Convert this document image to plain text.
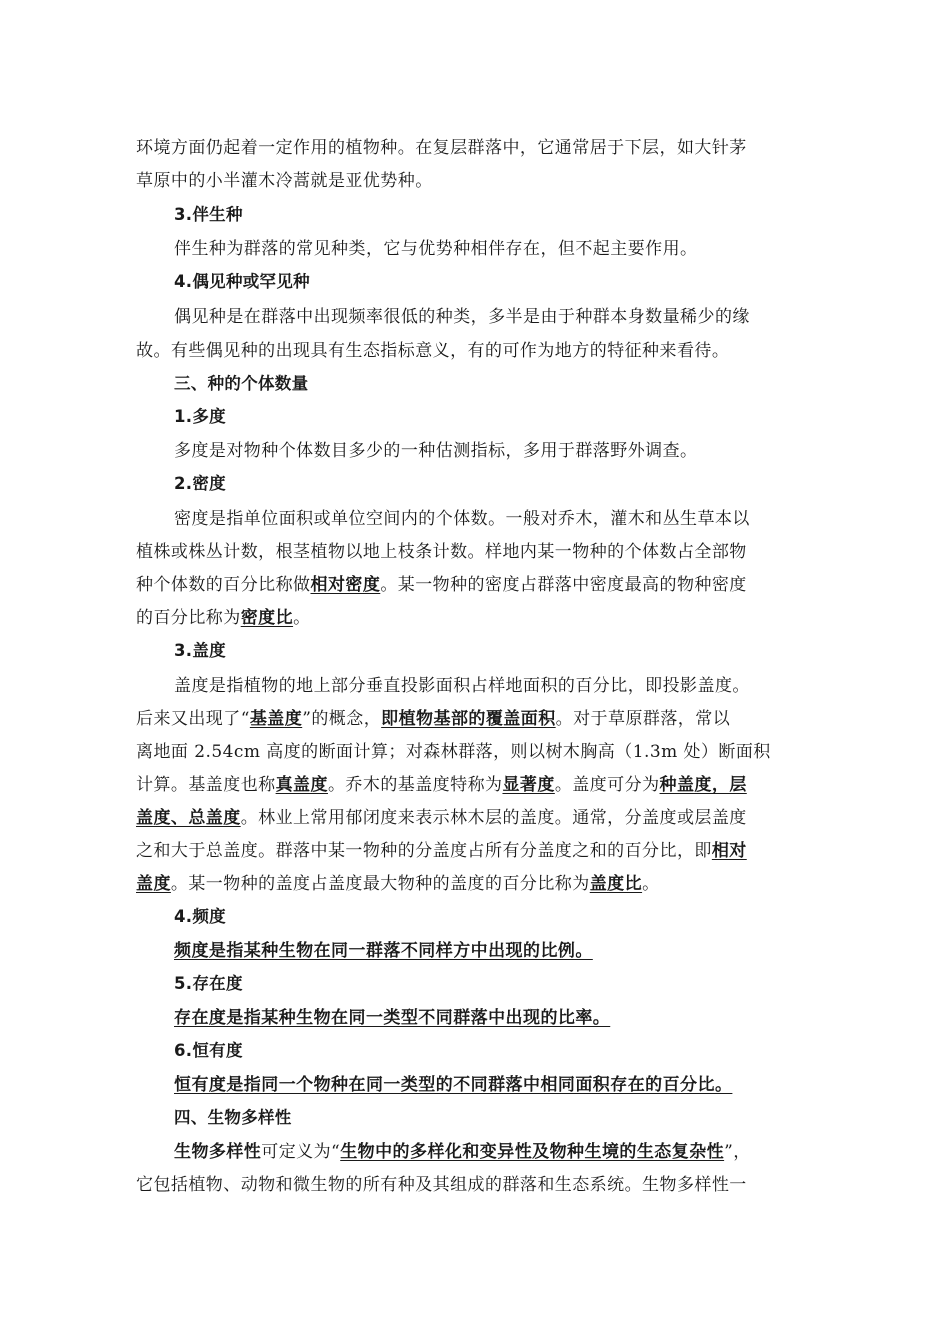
环境方面仍起着一定作用的植物种。在复层群落中，它通常居于下层，如大针茅
草原中的小半灌木冷蒿就是亚优势种。
3.伴生种
伴生种为群落的常见种类，它与优势种相伴存在，但不起主要作用。
4.偶见种或罕见种
偶见种是在群落中出现频率很低的种类，多半是由于种群本身数量稀少的缘
故。有些偶见种的出现具有生态指标意义，有的可作为地方的特征种来看待。
三、种的个体数量
1.多度
多度是对物种个体数目多少的一种估测指标，多用于群落野外调查。
2.密度
密度是指单位面积或单位空间内的个体数。一般对乔木，灌木和丛生草本以
植株或株丛计数，根茎植物以地上枝条计数。样地内某一物种的个体数占全部物
种个体数的百分比称做相对密度。某一物种的密度占群落中密度最高的物种密度
的百分比称为密度比。
3.盖度
盖度是指植物的地上部分垂直投影面积占样地面积的百分比，即投影盖度。
后来又出现了“基盖度”的概念，即植物基部的覆盖面积。对于草原群落，常以
离地面 2.54cm 高度的断面计算；对森林群落，则以树木胸高（1.3m 处）断面积
计算。基盖度也称真盖度。乔木的基盖度特称为显著度。盖度可分为种盖度，层
盖度、总盖度。林业上常用郁闭度来表示林木层的盖度。通常，分盖度或层盖度
之和大于总盖度。群落中某一物种的分盖度占所有分盖度之和的百分比，即相对
盖度。某一物种的盖度占盖度最大物种的盖度的百分比称为盖度比。
4.频度
频度是指某种生物在同一群落不同样方中出现的比例。
5.存在度
存在度是指某种生物在同一类型不同群落中出现的比率。
6.恒有度
恒有度是指同一个物种在同一类型的不同群落中相同面积存在的百分比。
四、生物多样性
生物多样性可定义为“生物中的多样化和变异性及物种生境的生态复杂性”，
它包括植物、动物和微生物的所有种及其组成的群落和生态系统。生物多样性一
